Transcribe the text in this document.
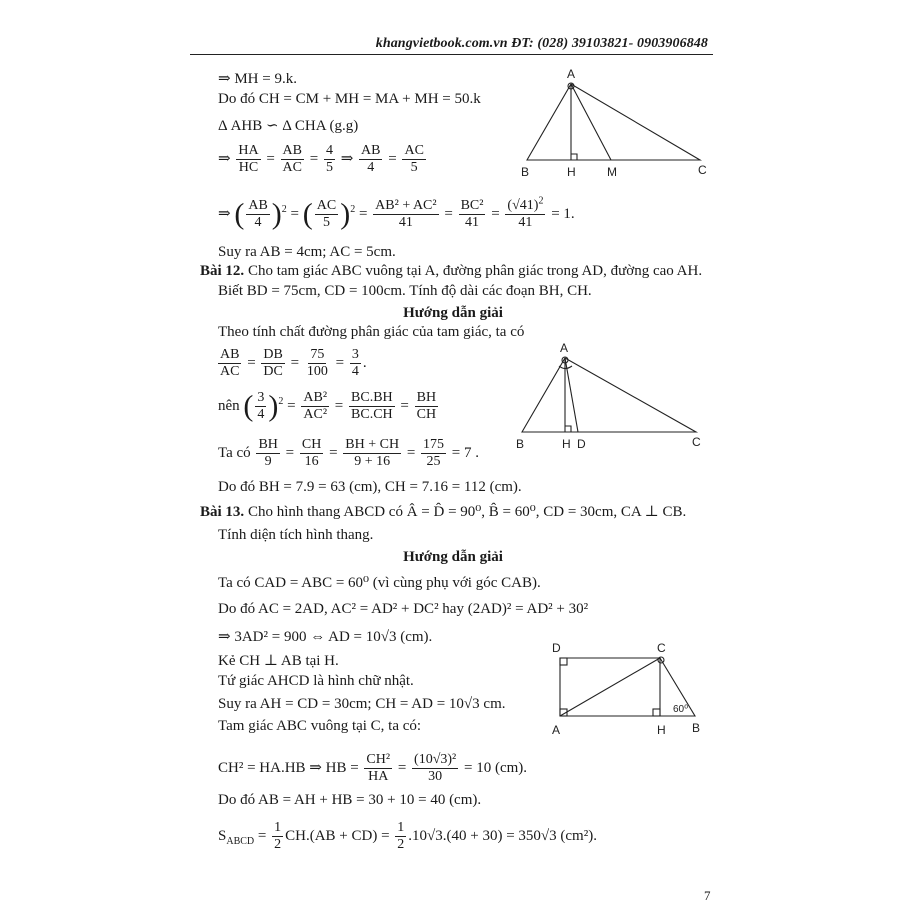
khangvietbook.com.vn ĐT: (028) 39103821- 0903906848
⇒ MH = 9.k.
Do đó CH = CM + MH = MA + MH = 50.k
Δ AHB ∽ Δ CHA (g.g)
⇒ $\frac{HA}{HC} = \frac{AB}{AC} = \frac{4}{5}$ ⇒ $\frac{AB}{4} = \frac{AC}{5}$
⇒ ( $\frac{AB}{4} )^2$ = ( $\frac{AC}{5} )^2 = \frac{\text{AB² + AC²}}{41} = \frac{\text{BC²}}{41} = \frac{(√41)^2}{41} = 1$.
Suy ra AB = 4cm; AC = 5cm.
A
B	H	M	C
Bài 12. Cho tam giác ABC vuông tại A, đường phân giác trong AD, đường cao AH.
Biết BD = 75cm, CD = 100cm. Tính độ dài các đoạn BH, CH.
Hướng dẫn giải
Theo tính chất đường phân giác của tam giác, ta có
$\frac{AB}{AC} = \frac{DB}{DC} = \frac{75}{100} = \frac{3}{4}$ .
nên ( $\frac{3}{4} )^2 = \frac{\text{AB²}}{\text{AC²}} = \frac{BC.BH}{BC.CH} = \frac{BH}{CH}$
Ta có $\frac{BH}{9} = \frac{CH}{16} = \frac{BH + CH}{9 + 16} = \frac{175}{25} = 7$ .
Do đó BH = 7.9 = 63 (cm), CH = 7.16 = 112 (cm).
A
B	H D	C
Bài 13. Cho hình thang ABCD có Â = D̂ = 90⁰, B̂ = 60⁰, CD = 30cm, CA ⊥ CB.
Tính diện tích hình thang.
Hướng dẫn giải
Ta có CAD = ABC = 60⁰ (vì cùng phụ với góc CAB).
Do đó AC = 2AD, AC² = AD² + DC² hay (2AD)² = AD² + 30²
⇒ 3AD² = 900 ⇔ AD = 10√3 (cm).
Kẻ CH ⊥ AB tại H.
Tứ giác AHCD là hình chữ nhật.
Suy ra AH = CD = 30cm; CH = AD = 10√3 cm.
Tam giác ABC vuông tại C, ta có:
CH² = HA.HB ⇒ HB = $\frac{\text{CH²}}{HA} = \frac{\text{(10√3)²}}{30} = 10$ (cm).
Do đó AB = AH + HB = 30 + 10 = 40 (cm).
$S_{ABCD} = \frac{1}{2} CH.(AB + CD) = \frac{1}{2} .10√3.(40 + 30) = 350√3$ (cm²).
D	C
A	H B
60⁰
7
